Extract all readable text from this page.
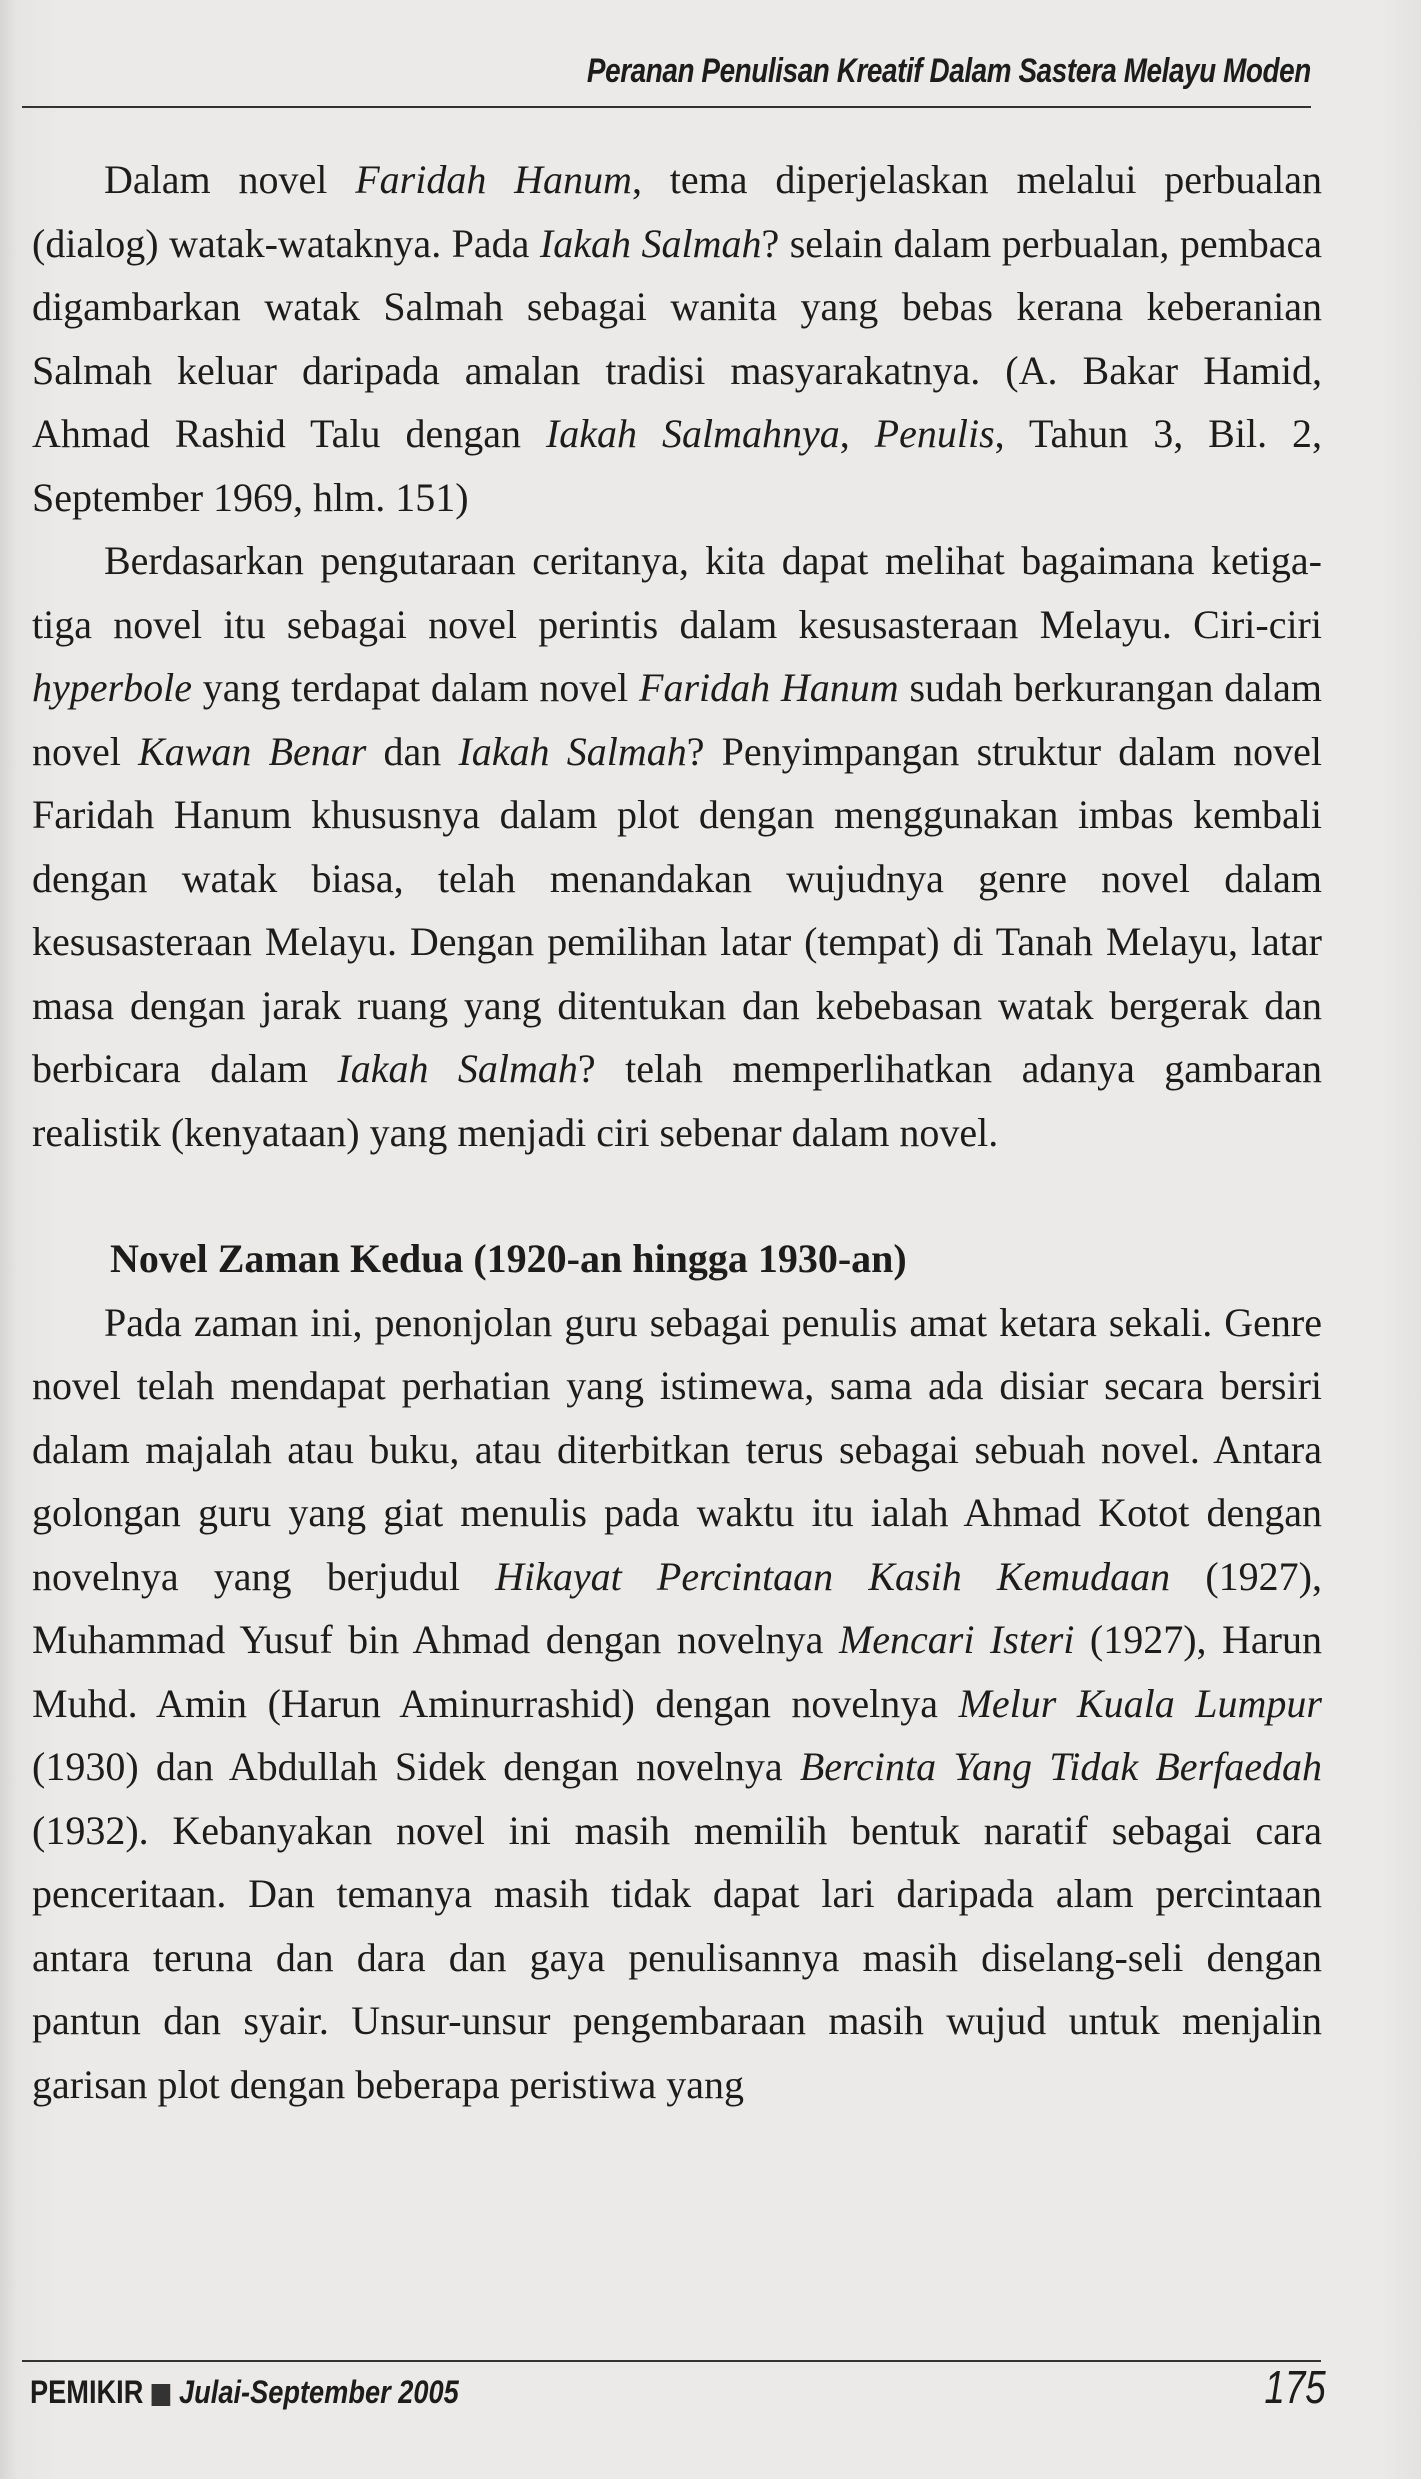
Peranan Penulisan Kreatif Dalam Sastera Melayu Moden

Dalam novel Faridah Hanum, tema diperjelaskan melalui perbualan (dialog) watak-wataknya. Pada Iakah Salmah? selain dalam perbualan, pembaca digambarkan watak Salmah sebagai wanita yang bebas kerana keberanian Salmah keluar daripada amalan tradisi masyarakatnya. (A. Bakar Hamid, Ahmad Rashid Talu dengan Iakah Salmahnya, Penulis, Tahun 3, Bil. 2, September 1969, hlm. 151)

Berdasarkan pengutaraan ceritanya, kita dapat melihat bagaimana ketiga-tiga novel itu sebagai novel perintis dalam kesusasteraan Melayu. Ciri-ciri hyperbole yang terdapat dalam novel Faridah Hanum sudah berkurangan dalam novel Kawan Benar dan Iakah Salmah? Penyimpangan struktur dalam novel Faridah Hanum khususnya dalam plot dengan menggunakan imbas kembali dengan watak biasa, telah menandakan wujudnya genre novel dalam kesusasteraan Melayu. Dengan pemilihan latar (tempat) di Tanah Melayu, latar masa dengan jarak ruang yang ditentukan dan kebebasan watak bergerak dan berbicara dalam Iakah Salmah? telah memperlihatkan adanya gambaran realistik (kenyataan) yang menjadi ciri sebenar dalam novel.

Novel Zaman Kedua (1920-an hingga 1930-an)

Pada zaman ini, penonjolan guru sebagai penulis amat ketara sekali. Genre novel telah mendapat perhatian yang istimewa, sama ada disiar secara bersiri dalam majalah atau buku, atau diterbitkan terus sebagai sebuah novel. Antara golongan guru yang giat menulis pada waktu itu ialah Ahmad Kotot dengan novelnya yang berjudul Hikayat Percintaan Kasih Kemudaan (1927), Muhammad Yusuf bin Ahmad dengan novelnya Mencari Isteri (1927), Harun Muhd. Amin (Harun Aminurrashid) dengan novelnya Melur Kuala Lumpur (1930) dan Abdullah Sidek dengan novelnya Bercinta Yang Tidak Berfaedah (1932). Kebanyakan novel ini masih memilih bentuk naratif sebagai cara penceritaan. Dan temanya masih tidak dapat lari daripada alam percintaan antara teruna dan dara dan gaya penulisannya masih diselang-seli dengan pantun dan syair. Unsur-unsur pengembaraan masih wujud untuk menjalin garisan plot dengan beberapa peristiwa yang

PEMIKIR Julai-September 2005	175
